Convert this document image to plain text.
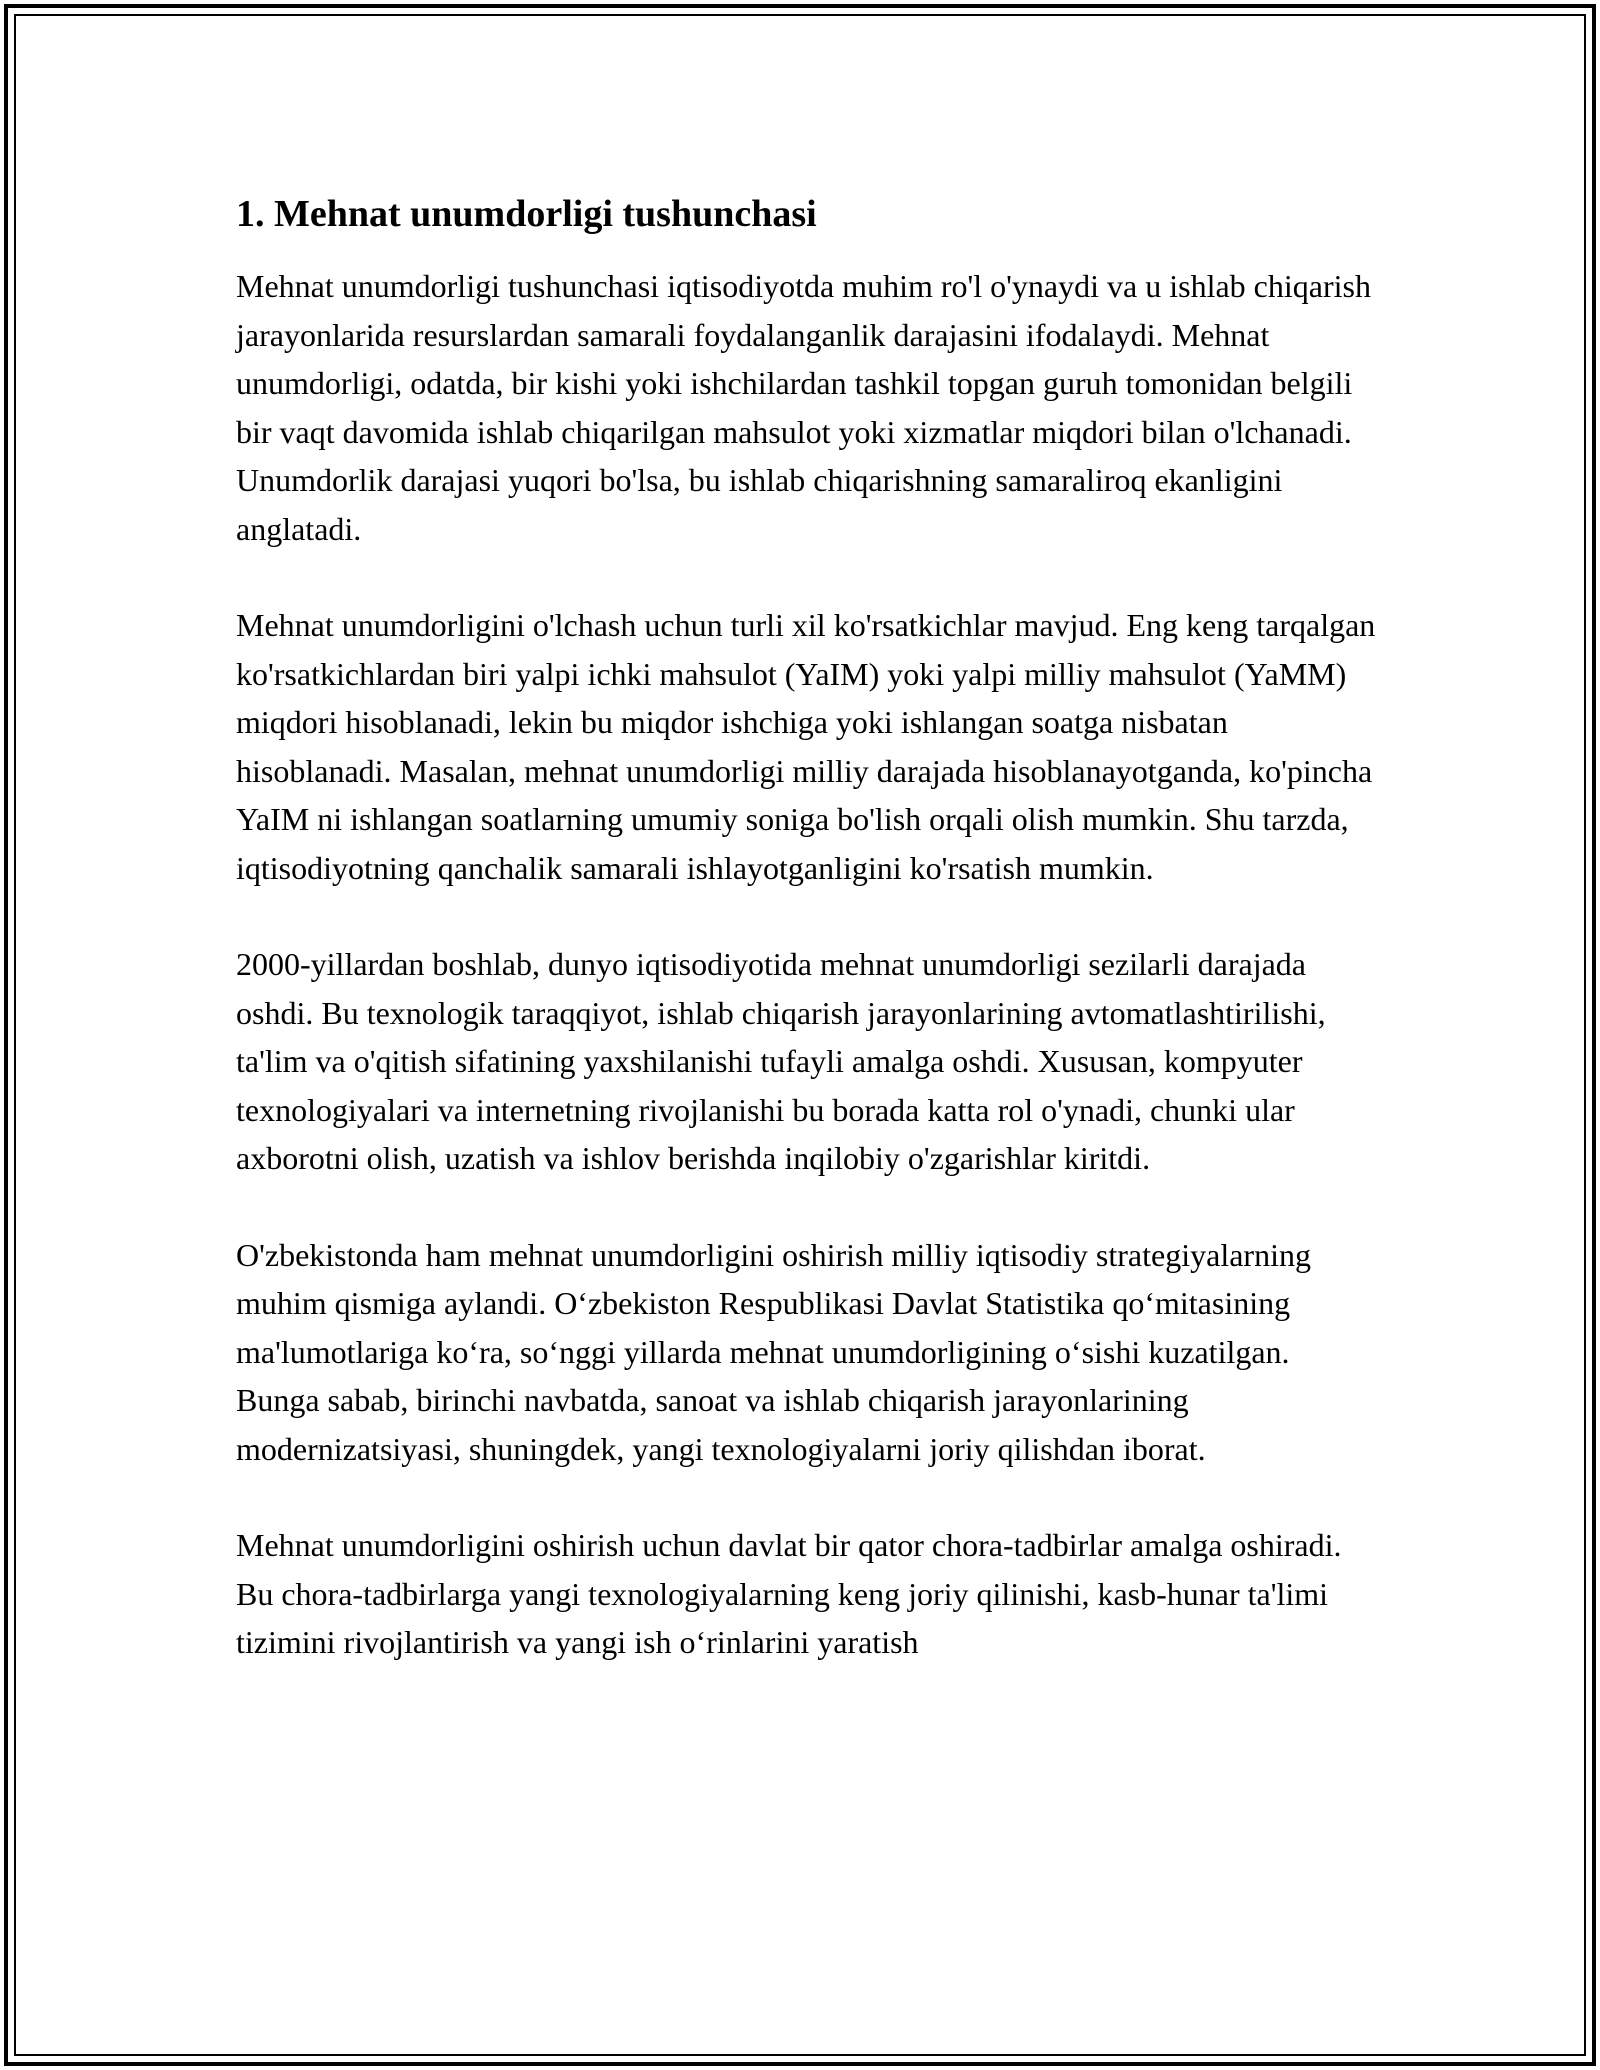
1. Mehnat unumdorligi tushunchasi

Mehnat unumdorligi tushunchasi iqtisodiyotda muhim ro'l o'ynaydi va u ishlab chiqarish jarayonlarida resurslardan samarali foydalanganlik darajasini ifodalaydi. Mehnat unumdorligi, odatda, bir kishi yoki ishchilardan tashkil topgan guruh tomonidan belgili bir vaqt davomida ishlab chiqarilgan mahsulot yoki xizmatlar miqdori bilan o'lchanadi. Unumdorlik darajasi yuqori bo'lsa, bu ishlab chiqarishning samaraliroq ekanligini anglatadi.

Mehnat unumdorligini o'lchash uchun turli xil ko'rsatkichlar mavjud. Eng keng tarqalgan ko'rsatkichlardan biri yalpi ichki mahsulot (YaIM) yoki yalpi milliy mahsulot (YaMM) miqdori hisoblanadi, lekin bu miqdor ishchiga yoki ishlangan soatga nisbatan hisoblanadi. Masalan, mehnat unumdorligi milliy darajada hisoblanayotganda, ko'pincha YaIM ni ishlangan soatlarning umumiy soniga bo'lish orqali olish mumkin. Shu tarzda, iqtisodiyotning qanchalik samarali ishlayotganligini ko'rsatish mumkin.

2000-yillardan boshlab, dunyo iqtisodiyotida mehnat unumdorligi sezilarli darajada oshdi. Bu texnologik taraqqiyot, ishlab chiqarish jarayonlarining avtomatlashtirilishi, ta'lim va o'qitish sifatining yaxshilanishi tufayli amalga oshdi. Xususan, kompyuter texnologiyalari va internetning rivojlanishi bu borada katta rol o'ynadi, chunki ular axborotni olish, uzatish va ishlov berishda inqilobiy o'zgarishlar kiritdi.

O'zbekistonda ham mehnat unumdorligini oshirish milliy iqtisodiy strategiyalarning muhim qismiga aylandi. O‘zbekiston Respublikasi Davlat Statistika qo‘mitasining ma'lumotlariga ko‘ra, so‘nggi yillarda mehnat unumdorligining o‘sishi kuzatilgan. Bunga sabab, birinchi navbatda, sanoat va ishlab chiqarish jarayonlarining modernizatsiyasi, shuningdek, yangi texnologiyalarni joriy qilishdan iborat.

Mehnat unumdorligini oshirish uchun davlat bir qator chora-tadbirlar amalga oshiradi. Bu chora-tadbirlarga yangi texnologiyalarning keng joriy qilinishi, kasb-hunar ta'limi tizimini rivojlantirish va yangi ish o‘rinlarini yaratish
